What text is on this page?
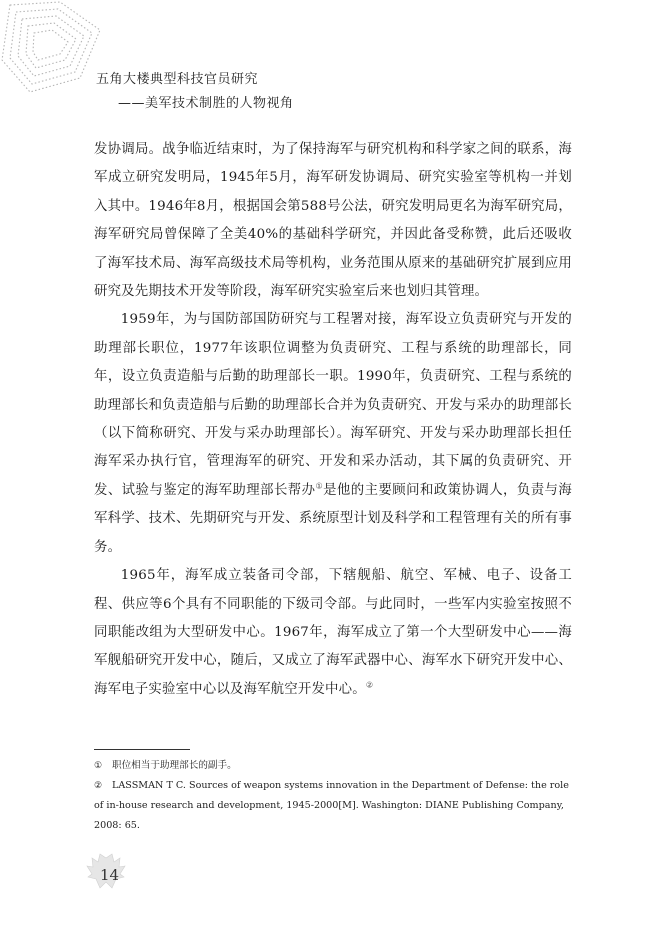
五角大楼典型科技官员研究
——美军技术制胜的人物视角

发协调局。战争临近结束时，为了保持海军与研究机构和科学家之间的联系，海军成立研究发明局，1945年5月，海军研发协调局、研究实验室等机构一并划入其中。1946年8月，根据国会第588号公法，研究发明局更名为海军研究局，海军研究局曾保障了全美40%的基础科学研究，并因此备受称赞，此后还吸收了海军技术局、海军高级技术局等机构，业务范围从原来的基础研究扩展到应用研究及先期技术开发等阶段，海军研究实验室后来也划归其管理。

1959年，为与国防部国防研究与工程署对接，海军设立负责研究与开发的助理部长职位，1977年该职位调整为负责研究、工程与系统的助理部长，同年，设立负责造船与后勤的助理部长一职。1990年，负责研究、工程与系统的助理部长和负责造船与后勤的助理部长合并为负责研究、开发与采办的助理部长（以下简称研究、开发与采办助理部长）。海军研究、开发与采办助理部长担任海军采办执行官，管理海军的研究、开发和采办活动，其下属的负责研究、开发、试验与鉴定的海军助理部长帮办①是他的主要顾问和政策协调人，负责与海军科学、技术、先期研究与开发、系统原型计划及科学和工程管理有关的所有事务。

1965年，海军成立装备司令部，下辖舰船、航空、军械、电子、设备工程、供应等6个具有不同职能的下级司令部。与此同时，一些军内实验室按照不同职能改组为大型研发中心。1967年，海军成立了第一个大型研发中心——海军舰船研究开发中心，随后，又成立了海军武器中心、海军水下研究开发中心、海军电子实验室中心以及海军航空开发中心。②

① 职位相当于助理部长的副手。

② LASSMAN T C. Sources of weapon systems innovation in the Department of Defense: the role of in-house research and development, 1945-2000[M]. Washington: DIANE Publishing Company, 2008: 65.

14
